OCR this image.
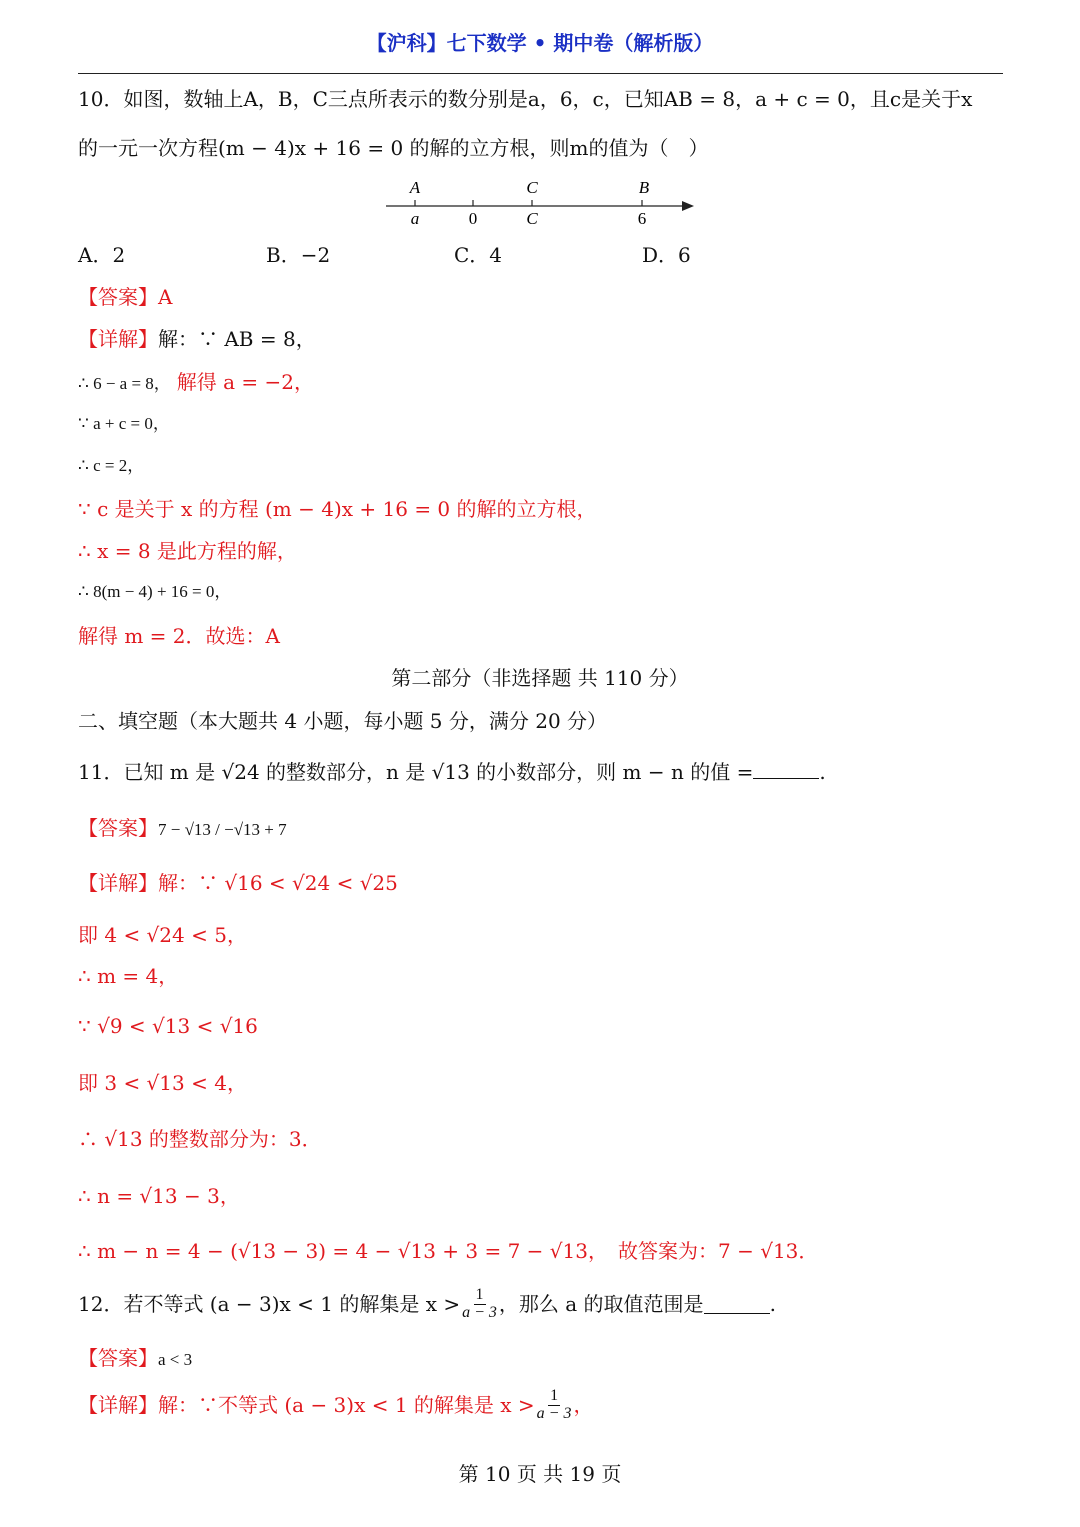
【沪科】七下数学 • 期中卷（解析版）
10．如图，数轴上A，B，C三点所表示的数分别是a，6，c，已知AB = 8，a + c = 0，且c是关于x
的一元一次方程(m − 4)x + 16 = 0 的解的立方根，则m的值为（　）
A	C	B
a	0	C	6
A．2	B．−2	C．4	D．6
【答案】A
【详解】解：∵ AB = 8，
∴ 6 − a = 8， 解得 a = −2，
∵ a + c = 0，
∴ c = 2，
∵ c 是关于 x 的方程 (m − 4)x + 16 = 0 的解的立方根，
∴ x = 8 是此方程的解，
∴ 8(m − 4) + 16 = 0，
解得 m = 2．故选：A
第二部分（非选择题 共 110 分）
二、填空题（本大题共 4 小题，每小题 5 分，满分 20 分）
11．已知 m 是 √24 的整数部分，n 是 √13 的小数部分，则 m − n 的值 =	.
【答案】7 − √13 / −√13 + 7
【详解】解：∵ √16 < √24 < √25
即 4 < √24 < 5，
∴ m = 4，
∵ √9 < √13 < √16
即 3 < √13 < 4，
∴ √13 的整数部分为：3．
∴ n = √13 − 3，
∴ m − n = 4 − (√13 − 3) = 4 − √13 + 3 = 7 − √13， 故答案为：7 − √13．
12．若不等式 (a − 3)x < 1 的解集是 $x > \frac{1}{a - 3}$ ，那么 a 的取值范围是	.
【答案】a < 3
【详解】 解：∵不等式 (a − 3)x < 1 的解集是 $x > \frac{1}{a - 3}$ ，
第 10 页 共 19 页
